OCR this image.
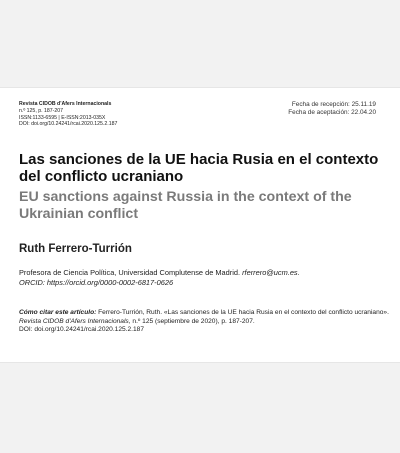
Revista CIDOB d'Afers Internacionals
n.º 125, p. 187-207
ISSN:1133-6595 | E-ISSN:2013-035X
DOI: doi.org/10.24241/rcai.2020.125.2.187
Fecha de recepción: 25.11.19
Fecha de aceptación: 22.04.20
Las sanciones de la UE hacia Rusia en el contexto del conflicto ucraniano
EU sanctions against Russia in the context of the Ukrainian conflict
Ruth Ferrero-Turrión
Profesora de Ciencia Política, Universidad Complutense de Madrid. rferrero@ucm.es.
ORCID: https://orcid.org/0000-0002-6817-0626
Cómo citar este artículo: Ferrero-Turrión, Ruth. «Las sanciones de la UE hacia Rusia en el contexto del conflicto ucraniano». Revista CIDOB d'Afers Internacionals, n.º 125 (septiembre de 2020), p. 187-207.
DOI: doi.org/10.24241/rcai.2020.125.2.187
